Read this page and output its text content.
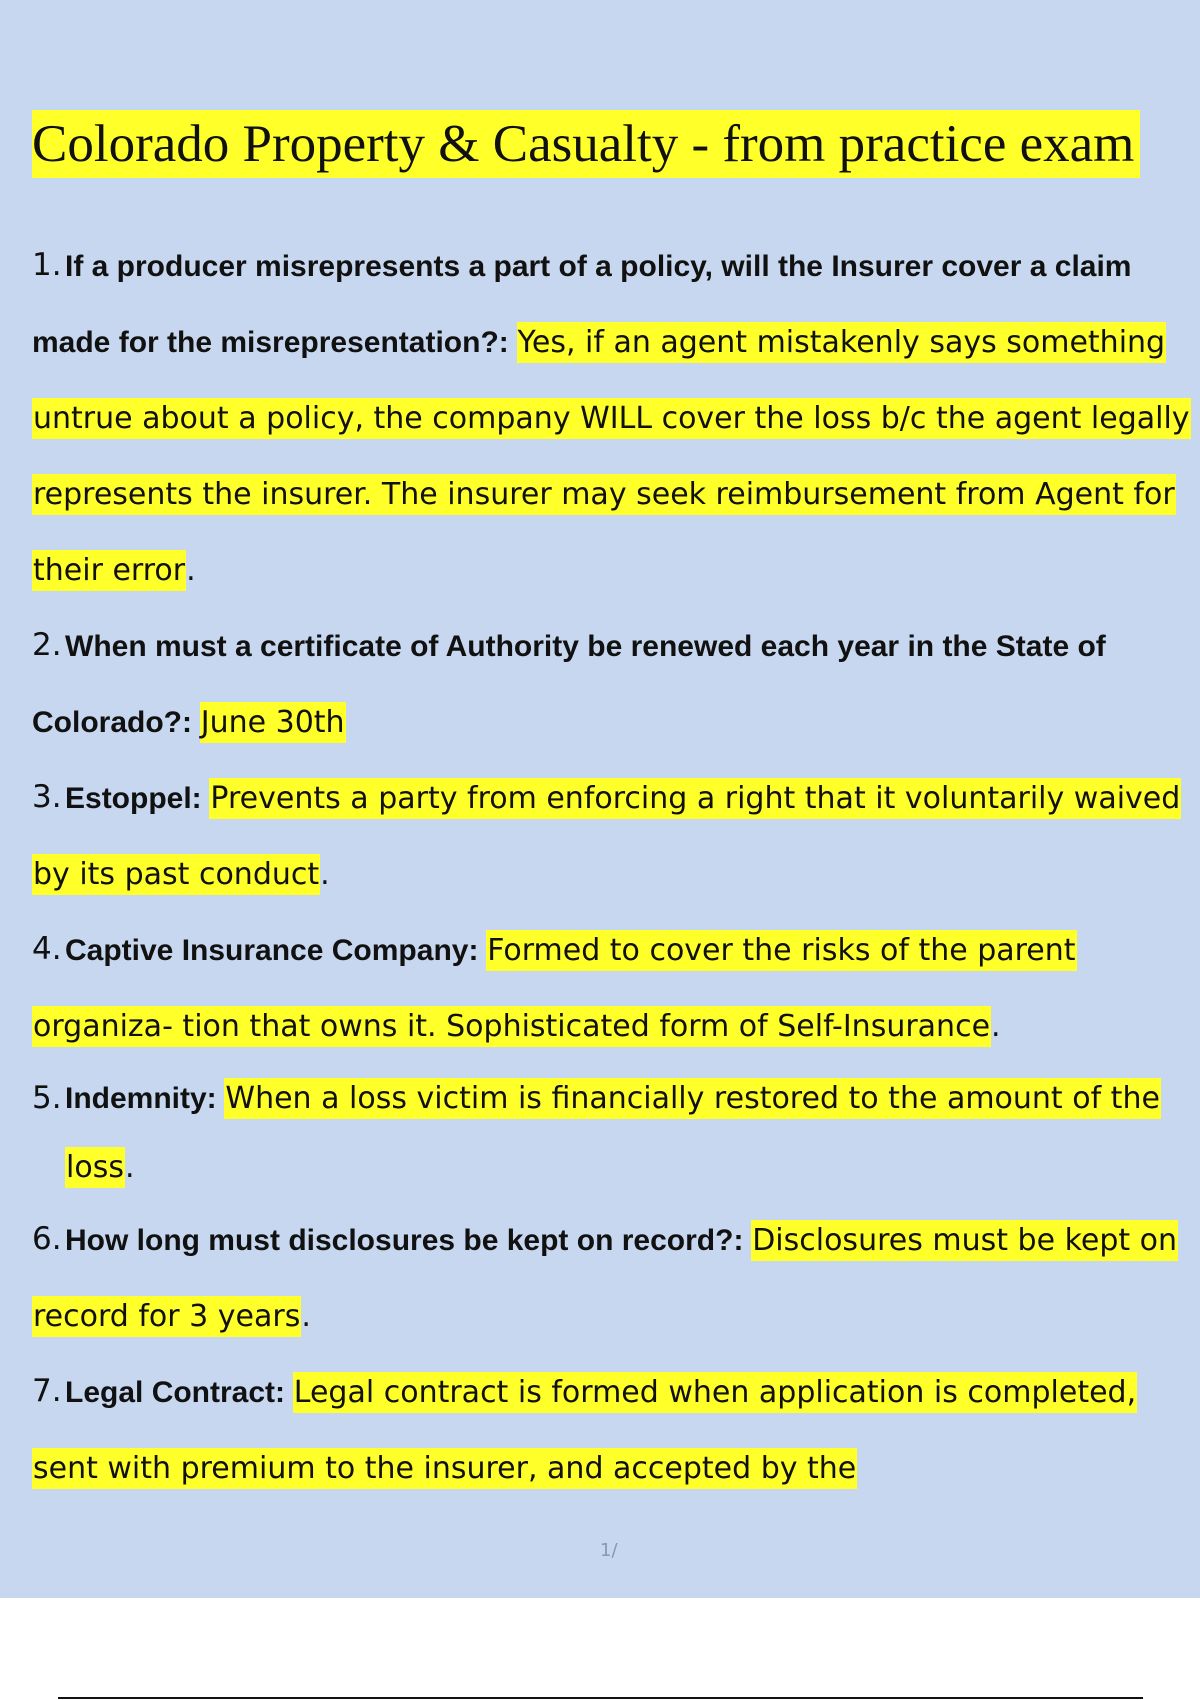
Colorado Property & Casualty - from practice exam
1. If a producer misrepresents a part of a policy, will the Insurer cover a claim made for the misrepresentation?: Yes, if an agent mistakenly says something untrue about a policy, the company WILL cover the loss b/c the agent legally represents the insurer. The insurer may seek reimbursement from Agent for their error.
2. When must a certificate of Authority be renewed each year in the State of Colorado?: June 30th
3. Estoppel: Prevents a party from enforcing a right that it voluntarily waived by its past conduct.
4. Captive Insurance Company: Formed to cover the risks of the parent organiza- tion that owns it. Sophisticated form of Self-Insurance.
5. Indemnity: When a loss victim is financially restored to the amount of the loss.
6. How long must disclosures be kept on record?: Disclosures must be kept on record for 3 years.
7. Legal Contract: Legal contract is formed when application is completed, sent with premium to the insurer, and accepted by the
1/
